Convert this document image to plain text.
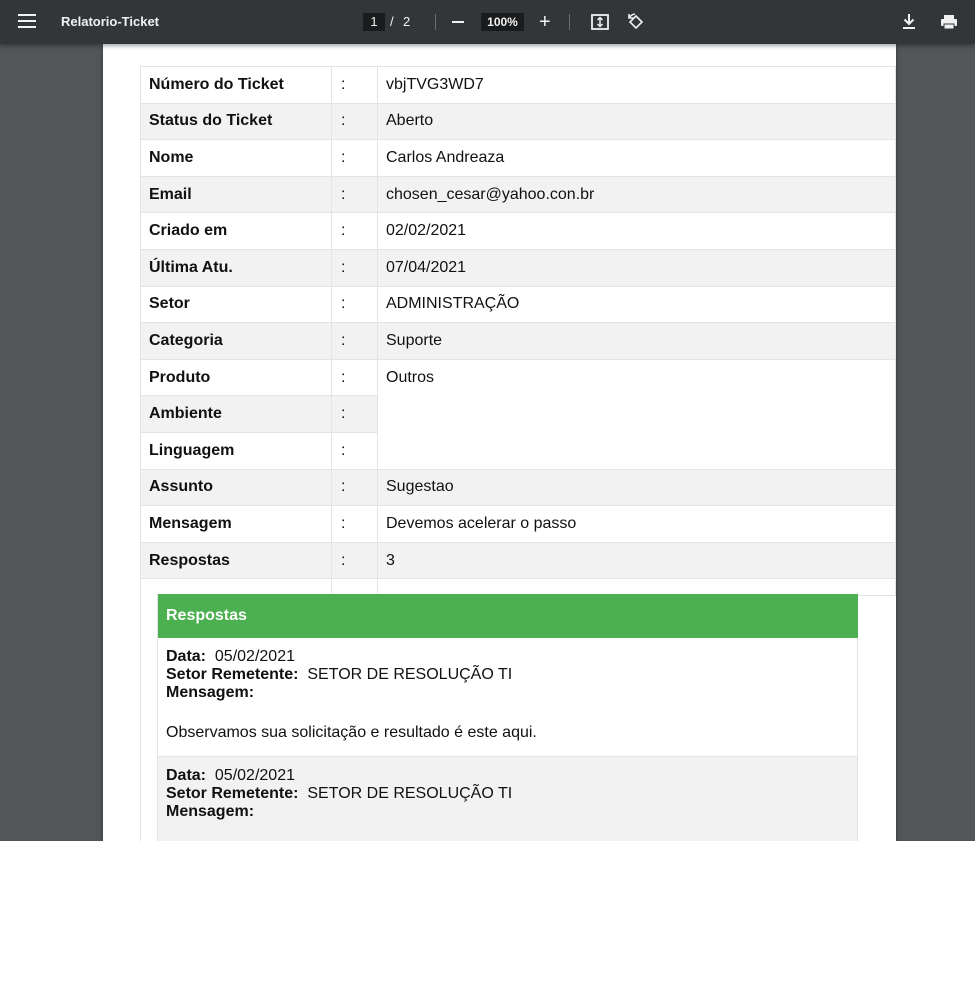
Relatorio-Ticket	1 / 2	100%	+
Número do Ticket	:	vbjTVG3WD7
Status do Ticket	:	Aberto
Nome	:	Carlos Andreaza
Email	:	chosen_cesar@yahoo.con.br
Criado em	:	02/02/2021
Última Atu.	:	07/04/2021
Setor	:	ADMINISTRAÇÃO
Categoria	:	Suporte
Produto	:	Outros
Ambiente	:	
Linguagem	:	
Assunto	:	Sugestao
Mensagem	:	Devemos acelerar o passo
Respostas	:	3

Respostas
Data: 05/02/2021
Setor Remetente: SETOR DE RESOLUÇÃO TI
Mensagem:
Observamos sua solicitação e resultado é este aqui.
Data: 05/02/2021
Setor Remetente: SETOR DE RESOLUÇÃO TI
Mensagem:
